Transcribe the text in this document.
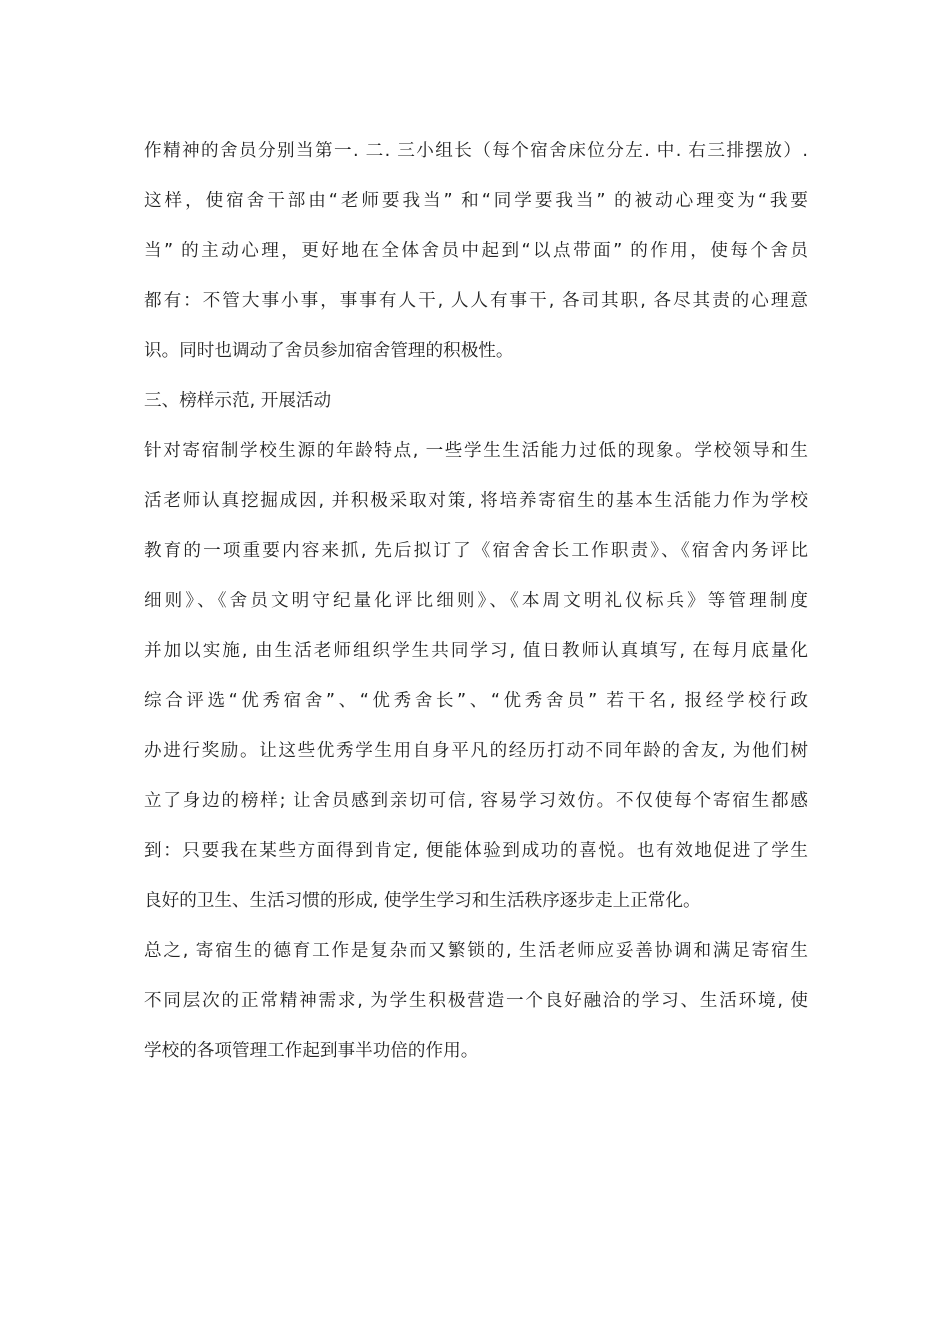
作精神的舍员分别当第一. 二. 三小组长（每个宿舍床位分左. 中. 右三排摆放）.
这样，使宿舍干部由“老师要我当” 和“同学要我当” 的被动心理变为“我要
当” 的主动心理，更好地在全体舍员中起到“以点带面” 的作用，使每个舍员
都有：不管大事小事，事事有人干, 人人有事干, 各司其职, 各尽其责的心理意
识。同时也调动了舍员参加宿舍管理的积极性。
三、榜样示范, 开展活动
针对寄宿制学校生源的年龄特点, 一些学生生活能力过低的现象。学校领导和生
活老师认真挖掘成因, 并积极采取对策, 将培养寄宿生的基本生活能力作为学校
教育的一项重要内容来抓, 先后拟订了《宿舍舍长工作职责》、《宿舍内务评比
细则》、《舍员文明守纪量化评比细则》、《本周文明礼仪标兵》等管理制度
并加以实施, 由生活老师组织学生共同学习, 值日教师认真填写, 在每月底量化
综合评选“优秀宿舍”、“优秀舍长”、“优秀舍员” 若干名, 报经学校行政
办进行奖励。让这些优秀学生用自身平凡的经历打动不同年龄的舍友, 为他们树
立了身边的榜样; 让舍员感到亲切可信, 容易学习效仿。不仅使每个寄宿生都感
到：只要我在某些方面得到肯定, 便能体验到成功的喜悦。也有效地促进了学生
良好的卫生、生活习惯的形成, 使学生学习和生活秩序逐步走上正常化。
总之, 寄宿生的德育工作是复杂而又繁锁的, 生活老师应妥善协调和满足寄宿生
不同层次的正常精神需求, 为学生积极营造一个良好融洽的学习、生活环境, 使
学校的各项管理工作起到事半功倍的作用。
